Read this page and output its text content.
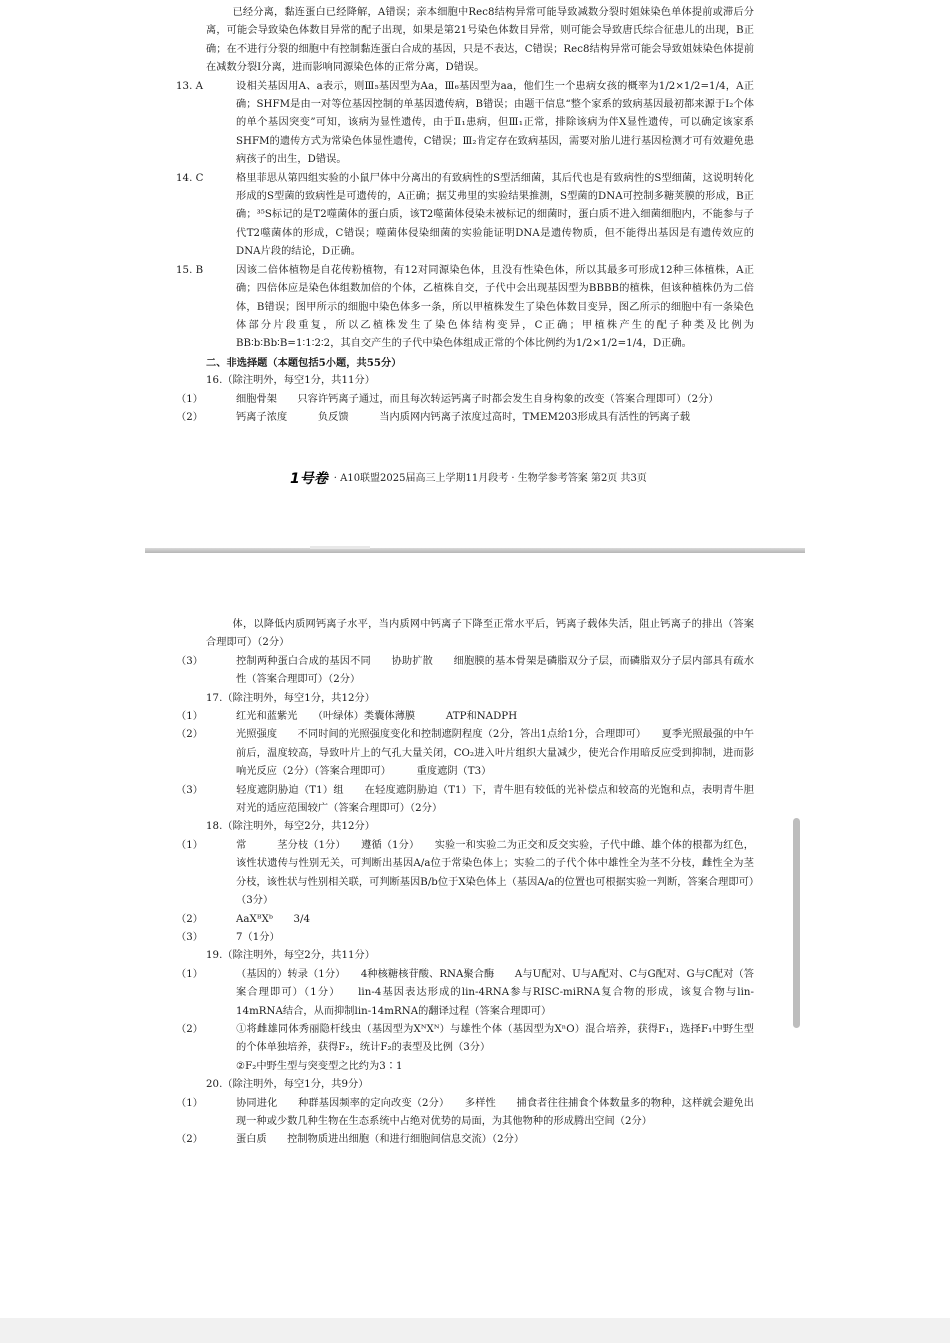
已经分离，黏连蛋白已经降解，A错误；亲本细胞中Rec8结构异常可能导致减数分裂时姐妹染色单体提前或滞后分离，可能会导致染色体数目异常的配子出现，如果是第21号染色体数目异常，则可能会导致唐氏综合征患儿的出现，B正确；在不进行分裂的细胞中有控制黏连蛋白合成的基因，只是不表达，C错误；Rec8结构异常可能会导致姐妹染色体提前在减数分裂Ⅰ分离，进而影响同源染色体的正常分离，D错误。
13. A	设相关基因用A、a表示，则Ⅲ₅基因型为Aa，Ⅲ₆基因型为aa，他们生一个患病女孩的概率为1/2×1/2=1/4，A正确；SHFM是由一对等位基因控制的单基因遗传病，B错误；由题干信息“整个家系的致病基因最初都来源于I₂个体的单个基因突变”可知，该病为显性遗传，由于Ⅱ₁患病，但Ⅲ₁正常，排除该病为伴X显性遗传，可以确定该家系SHFM的遗传方式为常染色体显性遗传，C错误；Ⅲ₂肯定存在致病基因，需要对胎儿进行基因检测才可有效避免患病孩子的出生，D错误。
14. C	格里菲思从第四组实验的小鼠尸体中分离出的有致病性的S型活细菌，其后代也是有致病性的S型细菌，这说明转化形成的S型菌的致病性是可遗传的，A正确；据艾弗里的实验结果推测，S型菌的DNA可控制多糖荚膜的形成，B正确；³⁵S标记的是T2噬菌体的蛋白质，该T2噬菌体侵染未被标记的细菌时，蛋白质不进入细菌细胞内，不能参与子代T2噬菌体的形成，C错误；噬菌体侵染细菌的实验能证明DNA是遗传物质，但不能得出基因是有遗传效应的DNA片段的结论，D正确。
15. B	因该二倍体植物是自花传粉植物，有12对同源染色体，且没有性染色体，所以其最多可形成12种三体植株，A正确；四倍体应是染色体组数加倍的个体，乙植株自交，子代中会出现基因型为BBBB的植株，但该种植株仍为二倍体，B错误；图甲所示的细胞中染色体多一条，所以甲植株发生了染色体数目变异，图乙所示的细胞中有一条染色体部分片段重复，所以乙植株发生了染色体结构变异，C正确；甲植株产生的配子种类及比例为BB∶b∶Bb∶B=1∶1∶2∶2，其自交产生的子代中染色体组成正常的个体比例约为1/2×1/2=1/4，D正确。
二、非选择题（本题包括5小题，共55分）
16.（除注明外，每空1分，共11分）
（1）	细胞骨架　　只容许钙离子通过，而且每次转运钙离子时都会发生自身构象的改变（答案合理即可）（2分）
（2）	钙离子浓度　　　负反馈　　　当内质网内钙离子浓度过高时，TMEM203形成具有活性的钙离子载
1号卷 · A10联盟2025届高三上学期11月段考 · 生物学参考答案 第2页 共3页
体，以降低内质网钙离子水平，当内质网中钙离子下降至正常水平后，钙离子载体失活，阻止钙离子的排出（答案合理即可）（2分）
（3）	控制两种蛋白合成的基因不同　　协助扩散　　细胞膜的基本骨架是磷脂双分子层，而磷脂双分子层内部具有疏水性（答案合理即可）（2分）
17.（除注明外，每空1分，共12分）
（1）	红光和蓝紫光　　（叶绿体）类囊体薄膜　　　ATP和NADPH
（2）	光照强度　　不同时间的光照强度变化和控制遮阴程度（2分，答出1点给1分，合理即可）　　夏季光照最强的中午前后，温度较高，导致叶片上的气孔大量关闭，CO₂进入叶片组织大量减少，使光合作用暗反应受到抑制，进而影响光反应（2分）（答案合理即可）　　　重度遮阴（T3）
（3）	轻度遮阴胁迫（T1）组　　在轻度遮阴胁迫（T1）下，青牛胆有较低的光补偿点和较高的光饱和点，表明青牛胆对光的适应范围较广（答案合理即可）（2分）
18.（除注明外，每空2分，共12分）
（1）	常　　　茎分枝（1分）　　遵循（1分）　　实验一和实验二为正交和反交实验，子代中雌、雄个体的根都为红色，该性状遗传与性别无关，可判断出基因A/a位于常染色体上；实验二的子代个体中雄性全为茎不分枝，雌性全为茎分枝，该性状与性别相关联，可判断基因B/b位于X染色体上（基因A/a的位置也可根据实验一判断，答案合理即可）（3分）
（2）	AaXᴮXᵇ　　3/4
（3）	7（1分）
19.（除注明外，每空2分，共11分）
（1）	（基因的）转录（1分）　　4种核糖核苷酸、RNA聚合酶　　A与U配对、U与A配对、C与G配对、G与C配对（答案合理即可）（1分）　　lin-4基因表达形成的lin-4RNA参与RISC-miRNA复合物的形成，该复合物与lin-14mRNA结合，从而抑制lin-14mRNA的翻译过程（答案合理即可）
（2）	①将雌雄同体秀丽隐杆线虫（基因型为XᴺXᴺ）与雄性个体（基因型为XⁿO）混合培养，获得F₁，选择F₁中野生型的个体单独培养，获得F₂，统计F₂的表型及比例（3分）
②F₂中野生型与突变型之比约为3∶1
20.（除注明外，每空1分，共9分）
（1）	协同进化　　种群基因频率的定向改变（2分）　　多样性　　捕食者往往捕食个体数量多的物种，这样就会避免出现一种或少数几种生物在生态系统中占绝对优势的局面，为其他物种的形成腾出空间（2分）
（2）	蛋白质　　控制物质进出细胞（和进行细胞间信息交流）（2分）
